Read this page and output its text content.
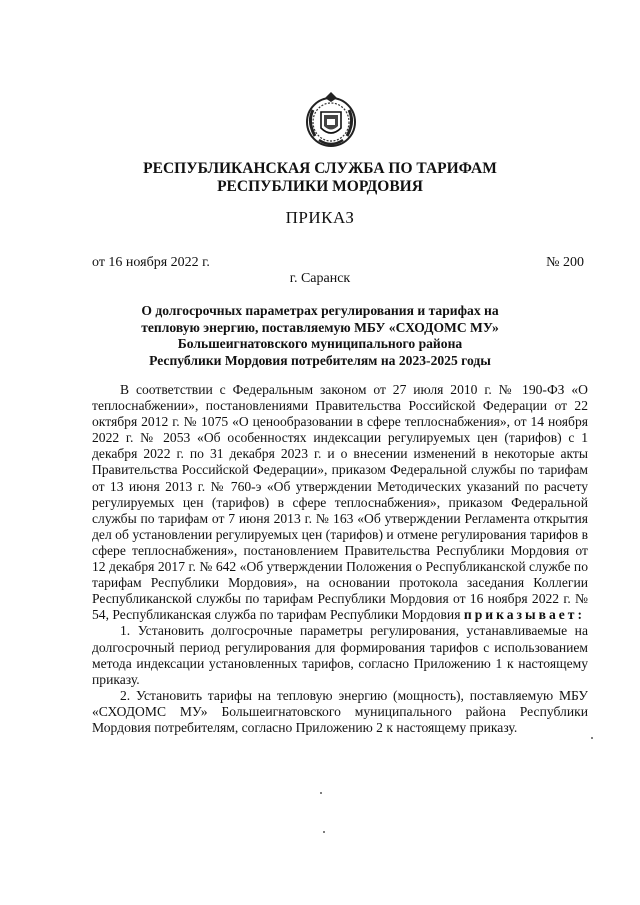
РЕСПУБЛИКАНСКАЯ СЛУЖБА ПО ТАРИФАМ
РЕСПУБЛИКИ МОРДОВИЯ
ПРИКАЗ
от 16 ноября 2022 г.	№ 200
г. Саранск
О долгосрочных параметрах регулирования и тарифах на
тепловую энергию, поставляемую МБУ «СХОДОМС МУ»
Большеигнатовского муниципального района
Республики Мордовия потребителям на 2023-2025 годы

В соответствии с Федеральным законом от 27 июля 2010 г. № 190-ФЗ «О теплоснабжении», постановлениями Правительства Российской Федерации от 22 октября 2012 г. № 1075 «О ценообразовании в сфере теплоснабжения», от 14 ноября 2022 г. № 2053 «Об особенностях индексации регулируемых цен (тарифов) с 1 декабря 2022 г. по 31 декабря 2023 г. и о внесении изменений в некоторые акты Правительства Российской Федерации», приказом Федеральной службы по тарифам от 13 июня 2013 г. № 760-э «Об утверждении Методических указаний по расчету регулируемых цен (тарифов) в сфере теплоснабжения», приказом Федеральной службы по тарифам от 7 июня 2013 г. № 163 «Об утверждении Регламента открытия дел об установлении регулируемых цен (тарифов) и отмене регулирования тарифов в сфере теплоснабжения», постановлением Правительства Республики Мордовия от 12 декабря 2017 г. № 642 «Об утверждении Положения о Республиканской службе по тарифам Республики Мордовия», на основании протокола заседания Коллегии Республиканской службы по тарифам Республики Мордовия от 16 ноября 2022 г. № 54, Республиканская служба по тарифам Республики Мордовия приказывает:

1. Установить долгосрочные параметры регулирования, устанавливаемые на долгосрочный период регулирования для формирования тарифов с использованием метода индексации установленных тарифов, согласно Приложению 1 к настоящему приказу.

2. Установить тарифы на тепловую энергию (мощность), поставляемую МБУ «СХОДОМС МУ» Большеигнатовского муниципального района Республики Мордовия потребителям, согласно Приложению 2 к настоящему приказу.
